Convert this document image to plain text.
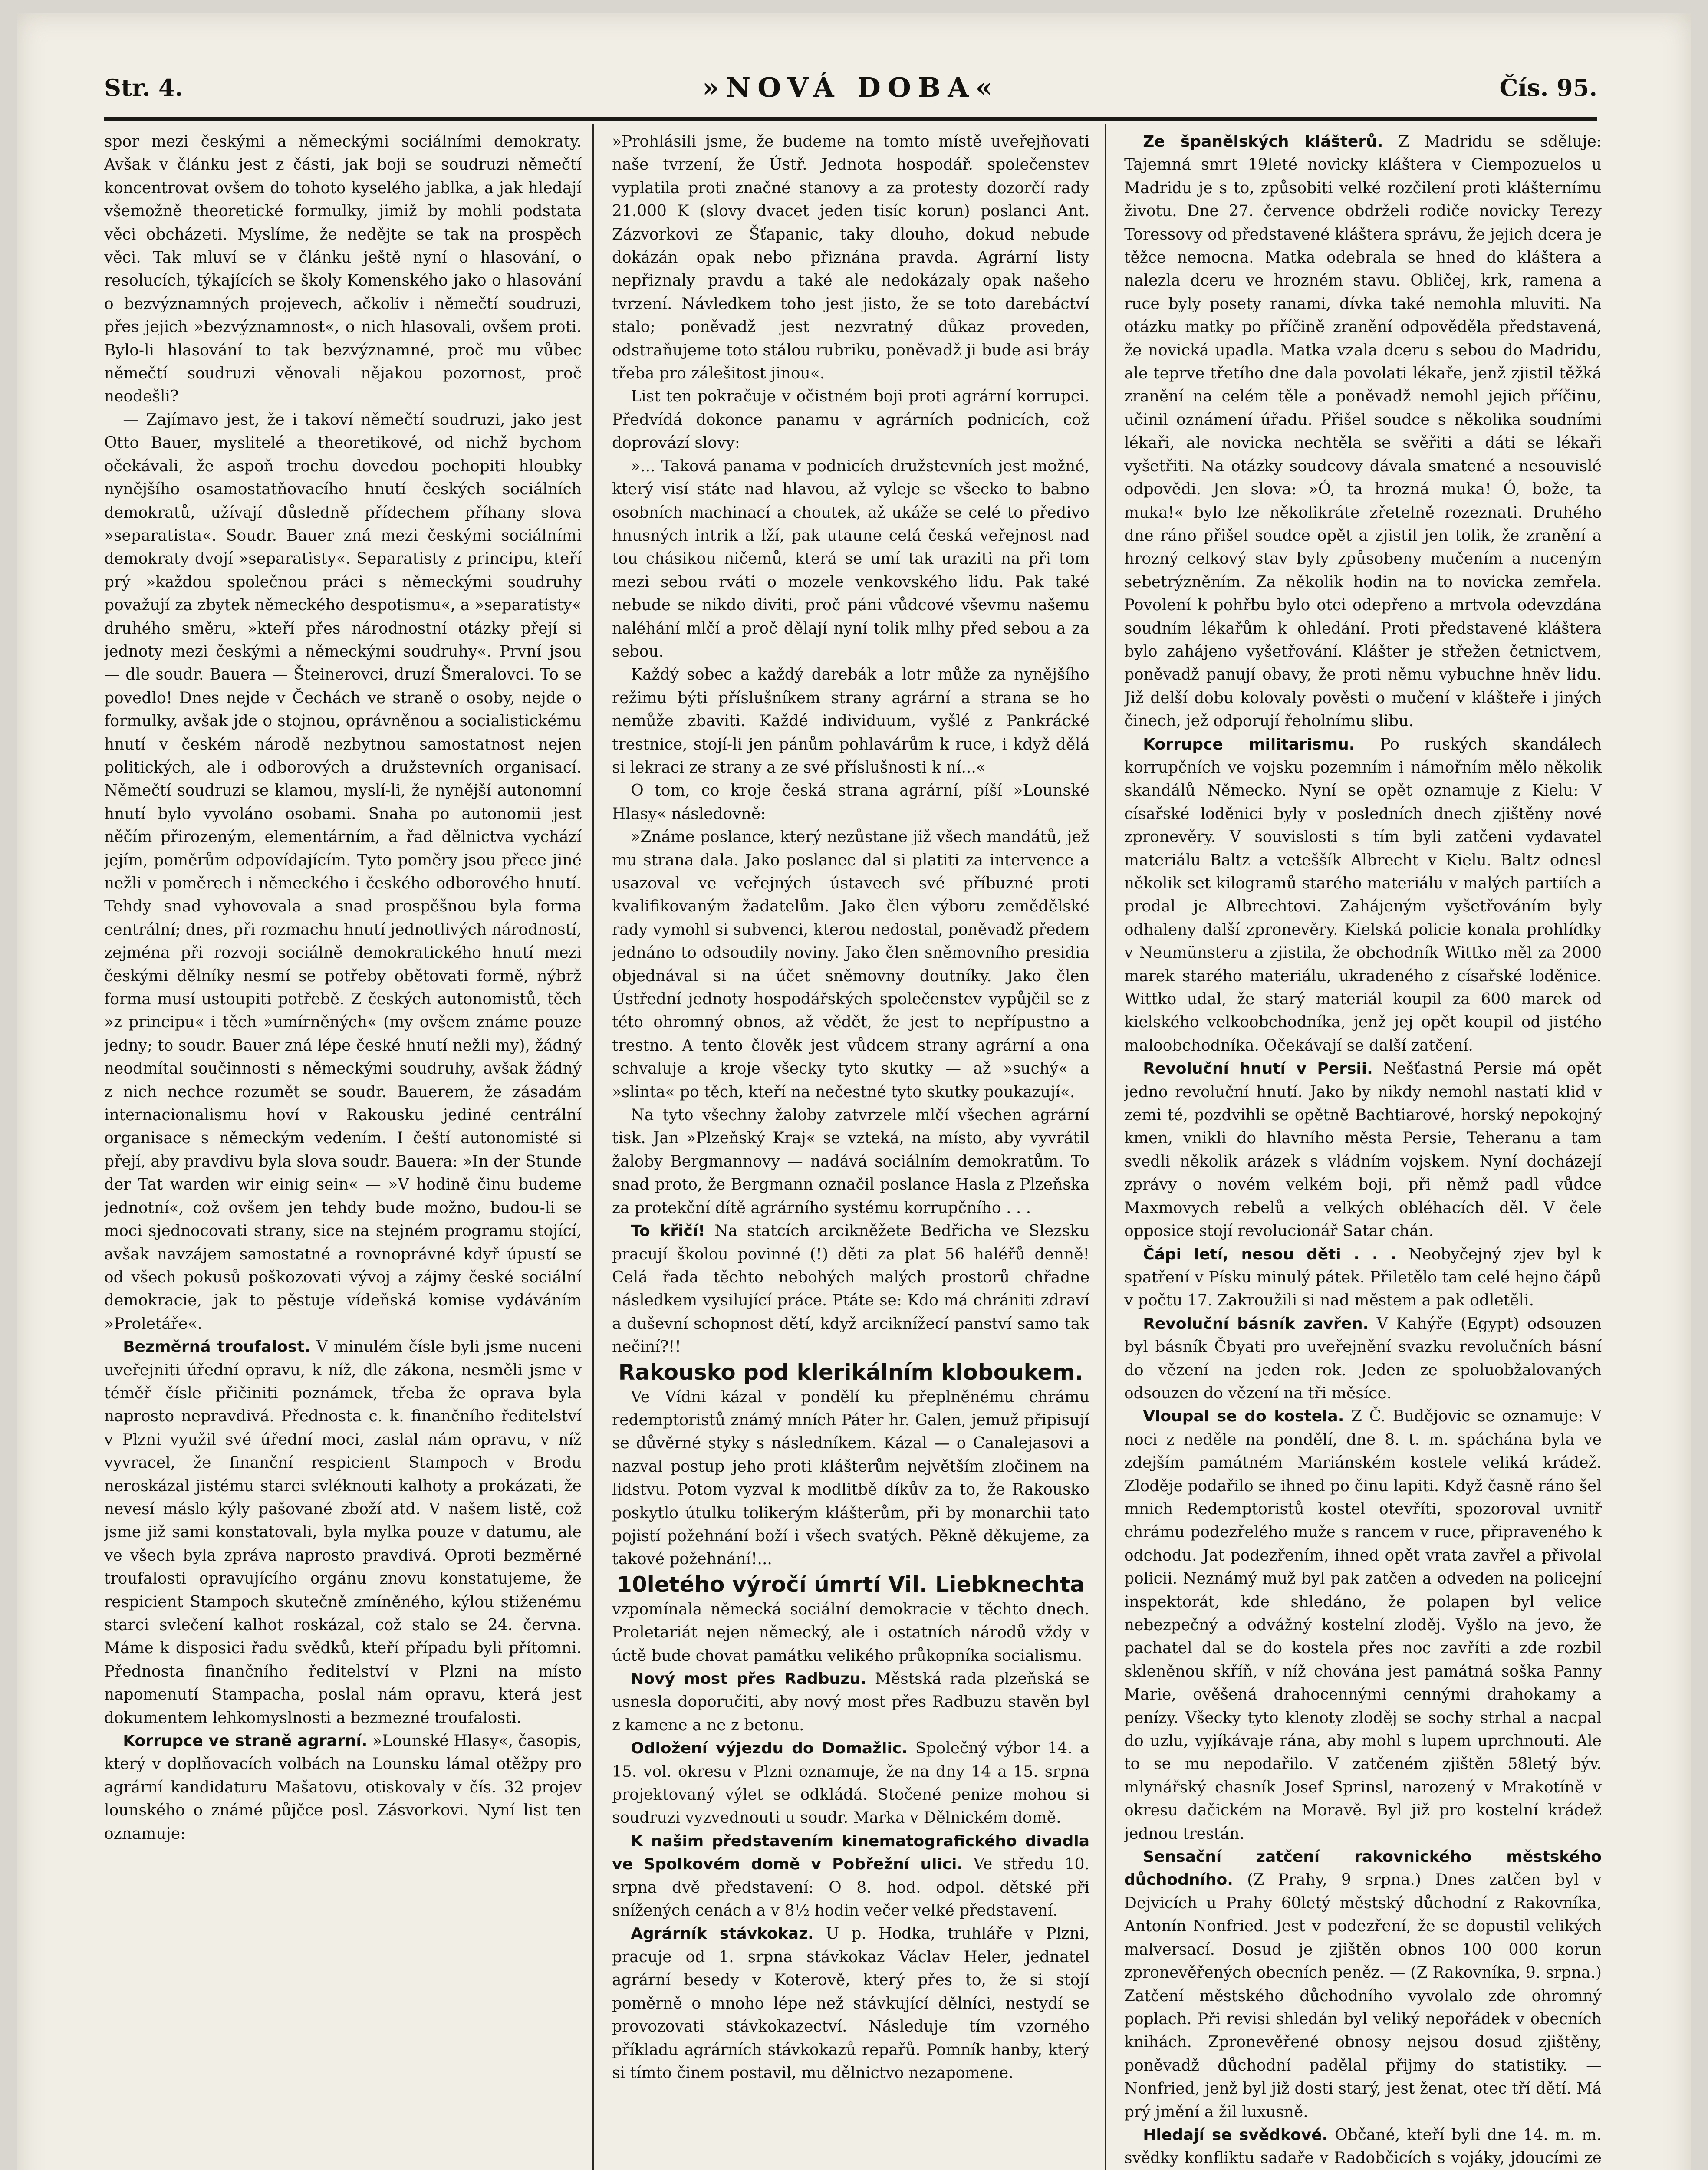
Str. 4.	»NOVÁ DOBA«	Čís. 95.

spor mezi českými a německými sociálními demokraty. Avšak v článku jest z části, jak boji se soudruzi němečtí koncentrovat ovšem do tohoto kyselého jablka, a jak hledají všemožně theoretické formulky, jimiž by mohli podstata věci obcházeti. Myslíme, že nedějte se tak na prospěch věci. Tak mluví se v článku ještě nyní o hlasování, o resolucích, týkajících se školy Komenského jako o hlasování o bezvýznamných projevech, ačkoliv i němečtí soudruzi, přes jejich »bezvýznamnost«, o nich hlasovali, ovšem proti. Bylo-li hlasování to tak bezvýznamné, proč mu vůbec němečtí soudruzi věnovali nějakou pozornost, proč neodešli?

— Zajímavo jest, že i takoví němečtí soudruzi, jako jest Otto Bauer, myslitelé a theoretikové, od nichž bychom očekávali, že aspoň trochu dovedou pochopiti hloubky nynějšího osamostatňovacího hnutí českých sociálních demokratů, užívají důsledně přídechem příhany slova »separatista«. Soudr. Bauer zná mezi českými sociálními demokraty dvojí »separatisty«. Separatisty z principu, kteří prý »každou společnou práci s německými soudruhy považují za zbytek německého despotismu«, a »separatisty« druhého směru, »kteří přes národnostní otázky přejí si jednoty mezi českými a německými soudruhy«. První jsou — dle soudr. Bauera — Šteinerovci, druzí Šmeralovci. To se povedlo! Dnes nejde v Čechách ve straně o osoby, nejde o formulky, avšak jde o stojnou, oprávněnou a socialistickému hnutí v českém národě nezbytnou samostatnost nejen politických, ale i odborových a družstevních organisací. Němečtí soudruzi se klamou, myslí-li, že nynější autonomní hnutí bylo vyvoláno osobami. Snaha po autonomii jest něčím přirozeným, elementárním, a řad dělnictva vychází jejím, poměrům odpovídajícím. Tyto poměry jsou přece jiné nežli v poměrech i německého i českého odborového hnutí. Tehdy snad vyhovovala a snad prospěšnou byla forma centrální; dnes, při rozmachu hnutí jednotlivých národností, zejména při rozvoji sociálně demokratického hnutí mezi českými dělníky nesmí se potřeby obětovati formě, nýbrž forma musí ustoupiti potřebě. Z českých autonomistů, těch »z principu« i těch »umírněných« (my ovšem známe pouze jedny; to soudr. Bauer zná lépe české hnutí nežli my), žádný neodmítal součinnosti s německými soudruhy, avšak žádný z nich nechce rozumět se soudr. Bauerem, že zásadám internacionalismu hoví v Rakousku jediné centrální organisace s německým vedením. I čeští autonomisté si přejí, aby pravdivu byla slova soudr. Bauera: »In der Stunde der Tat warden wir einig sein« — »V hodině činu budeme jednotní«, což ovšem jen tehdy bude možno, budou-li se moci sjednocovati strany, sice na stejném programu stojící, avšak navzájem samostatné a rovnoprávné kdyř úpustí se od všech pokusů poškozovati vývoj a zájmy české sociální demokracie, jak to pěstuje vídeňská komise vydáváním »Proletáře«.

Bezměrná troufalost. V minulém čísle byli jsme nuceni uveřejniti úřední opravu, k níž, dle zákona, nesměli jsme v téměř čísle přičiniti poznámek, třeba že oprava byla naprosto nepravdivá. Přednosta c. k. finančního ředitelství v Plzni využil své úřední moci, zaslal nám opravu, v níž vyvracel, že finanční respicient Stampoch v Brodu neroskázal jistému starci svléknouti kalhoty a prokázati, že nevesí máslo kýly pašované zboží atd. V našem listě, což jsme již sami konstatovali, byla mylka pouze v datumu, ale ve všech byla zpráva naprosto pravdivá. Oproti bezměrné troufalosti opravujícího orgánu znovu konstatujeme, že respicient Stampoch skutečně zmíněného, kýlou stiženému starci svlečení kalhot roskázal, což stalo se 24. června. Máme k disposici řadu svědků, kteří případu byli přítomni. Přednosta finančního ředitelství v Plzni na místo napomenutí Stampacha, poslal nám opravu, která jest dokumentem lehkomyslnosti a bezmezné troufalosti.

Korrupce ve straně agrarní. »Lounské Hlasy«, časopis, který v doplňovacích volbách na Lounsku lámal otěžpy pro agrární kandidaturu Mašatovu, otiskovaly v čís. 32 projev lounského o známé půjčce posl. Zásvorkovi. Nyní list ten oznamuje:

»Prohlásili jsme, že budeme na tomto místě uveřejňovati naše tvrzení, že Ústř. Jednota hospodář. společenstev vyplatila proti značné stanovy a za protesty dozorčí rady 21.000 K (slovy dvacet jeden tisíc korun) poslanci Ant. Zázvorkovi ze Šťapanic, taky dlouho, dokud nebude dokázán opak nebo přiznána pravda. Agrární listy nepřiznaly pravdu a také ale nedokázaly opak našeho tvrzení. Návledkem toho jest jisto, že se toto darebáctví stalo; poněvadž jest nezvratný důkaz proveden, odstraňujeme toto stálou rubriku, poněvadž ji bude asi bráy třeba pro zálešitost jinou«.

List ten pokračuje v očistném boji proti agrární korrupci. Předvídá dokonce panamu v agrárních podnicích, což doprovází slovy:

»... Taková panama v podnicích družstevních jest možné, který visí státe nad hlavou, až vyleje se všecko to babno osobních machinací a choutek, až ukáže se celé to předivo hnusných intrik a lží, pak utaune celá česká veřejnost nad tou chásikou ničemů, která se umí tak uraziti na při tom mezi sebou rváti o mozele venkovského lidu. Pak také nebude se nikdo diviti, proč páni vůdcové vševmu našemu naléhání mlčí a proč dělají nyní tolik mlhy před sebou a za sebou.

Každý sobec a každý darebák a lotr může za nynějšího režimu býti příslušníkem strany agrární a strana se ho nemůže zbaviti. Každé individuum, vyšlé z Pankrácké trestnice, stojí-li jen pánům pohlavárům k ruce, i když dělá si lekraci ze strany a ze své příslušnosti k ní...«

O tom, co kroje česká strana agrární, píší »Lounské Hlasy« následovně:

»Známe poslance, který nezůstane již všech mandátů, jež mu strana dala. Jako poslanec dal si platiti za intervence a usazoval ve veřejných ústavech své příbuzné proti kvalifikovaným žadatelům. Jako člen výboru zemědělské rady vymohl si subvenci, kterou nedostal, poněvadž předem jednáno to odsoudily noviny. Jako člen sněmovního presidia objednával si na účet sněmovny doutníky. Jako člen Ústřední jednoty hospodářských společenstev vypůjčil se z této ohromný obnos, až vědět, že jest to nepřípustno a trestno. A tento člověk jest vůdcem strany agrární a ona schvaluje a kroje všecky tyto skutky — až »suchý« a »slinta« po těch, kteří na nečestné tyto skutky poukazují«.

Na tyto všechny žaloby zatvrzele mlčí všechen agrární tisk. Jan »Plzeňský Kraj« se vzteká, na místo, aby vyvrátil žaloby Bergmannovy — nadává sociálním demokratům. To snad proto, že Bergmann označil poslance Hasla z Plzeňska za protekční dítě agrárního systému korrupčního . . .

To křičí! Na statcích arcikněžete Bedřicha ve Slezsku pracují školou povinné (!) děti za plat 56 haléřů denně! Celá řada těchto nebohých malých prostorů chřadne následkem vysilující práce. Ptáte se: Kdo má chrániti zdraví a duševní schopnost dětí, když arciknížecí panství samo tak nečiní?!!

Rakousko pod klerikálním kloboukem.

Ve Vídni kázal v pondělí ku přeplněnému chrámu redemptoristů známý mních Páter hr. Galen, jemuž připisují se důvěrné styky s následníkem. Kázal — o Canalejasovi a nazval postup jeho proti klášterům největším zločinem na lidstvu. Potom vyzval k modlitbě díkův za to, že Rakousko poskytlo útulku tolikerým klášterům, při by monarchii tato pojistí požehnání boží i všech svatých. Pěkně děkujeme, za takové požehnání!...

10letého výročí úmrtí Vil. Liebknechta

vzpomínala německá sociální demokracie v těchto dnech. Proletariát nejen německý, ale i ostatních národů vždy v úctě bude chovat památku velikého průkopníka socialismu.

Nový most přes Radbuzu. Městská rada plzeňská se usnesla doporučiti, aby nový most přes Radbuzu stavěn byl z kamene a ne z betonu.

Odložení výjezdu do Domažlic. Společný výbor 14. a 15. vol. okresu v Plzni oznamuje, že na dny 14 a 15. srpna projektovaný výlet se odkládá. Stočené penize mohou si soudruzi vyzvednouti u soudr. Marka v Dělnickém domě.

K našim představením kinematografického divadla ve Spolkovém domě v Pobřežní ulici. Ve středu 10. srpna dvě představení: O 8. hod. odpol. dětské při snížených cenách a v 8½ hodin večer velké představení.

Agrárník stávkokaz. U p. Hodka, truhláře v Plzni, pracuje od 1. srpna stávkokaz Václav Heler, jednatel agrární besedy v Koterově, který přes to, že si stojí poměrně o mnoho lépe než stávkující dělníci, nestydí se provozovati stávkokazectví. Následuje tím vzorného příkladu agrárních stávkokazů repařů. Pomník hanby, který si tímto činem postavil, mu dělnictvo nezapomene.

Ze španělských klášterů. Z Madridu se sděluje: Tajemná smrt 19leté novicky kláštera v Ciempozuelos u Madridu je s to, způsobiti velké rozčilení proti klášternímu životu. Dne 27. července obdrželi rodiče novicky Terezy Toressovy od představené kláštera správu, že jejich dcera je těžce nemocna. Matka odebrala se hned do kláštera a nalezla dceru ve hrozném stavu. Obličej, krk, ramena a ruce byly posety ranami, dívka také nemohla mluviti. Na otázku matky po příčině zranění odpověděla představená, že novická upadla. Matka vzala dceru s sebou do Madridu, ale teprve třetího dne dala povolati lékaře, jenž zjistil těžká zranění na celém těle a poněvadž nemohl jejich příčinu, učinil oznámení úřadu. Přišel soudce s několika soudními lékaři, ale novicka nechtěla se svěřiti a dáti se lékaři vyšetřiti. Na otázky soudcovy dávala smatené a nesouvislé odpovědi. Jen slova: »Ó, ta hrozná muka! Ó, bože, ta muka!« bylo lze několikráte zřetelně rozeznati. Druhého dne ráno přišel soudce opět a zjistil jen tolik, že zranění a hrozný celkový stav byly způsobeny mučením a nuceným sebetrýzněním. Za několik hodin na to novicka zemřela. Povolení k pohřbu bylo otci odepřeno a mrtvola odevzdána soudním lékařům k ohledání. Proti představené kláštera bylo zahájeno vyšetřování. Klášter je střežen četnictvem, poněvadž panují obavy, že proti němu vybuchne hněv lidu. Již delší dobu kolovaly pověsti o mučení v klášteře i jiných činech, jež odporují řeholnímu slibu.

Korrupce militarismu. Po ruských skandálech korrupčních ve vojsku pozemním i námořním mělo několik skandálů Německo. Nyní se opět oznamuje z Kielu: V císařské loděnici byly v posledních dnech zjištěny nové zpronevěry. V souvislosti s tím byli zatčeni vydavatel materiálu Baltz a veteššík Albrecht v Kielu. Baltz odnesl několik set kilogramů starého materiálu v malých partiích a prodal je Albrechtovi. Zahájeným vyšetřováním byly odhaleny další zpronevěry. Kielská policie konala prohlídky v Neumünsteru a zjistila, že obchodník Wittko měl za 2000 marek starého materiálu, ukradeného z císařské loděnice. Wittko udal, že starý materiál koupil za 600 marek od kielského velkoobchodníka, jenž jej opět koupil od jistého maloobchodníka. Očekávají se další zatčení.

Revoluční hnutí v Persii. Nešťastná Persie má opět jedno revoluční hnutí. Jako by nikdy nemohl nastati klid v zemi té, pozdvihli se opětně Bachtiarové, horský nepokojný kmen, vnikli do hlavního města Persie, Teheranu a tam svedli několik arázek s vládním vojskem. Nyní docházejí zprávy o novém velkém boji, při němž padl vůdce Maxmovych rebelů a velkých obléhacích děl. V čele opposice stojí revolucionář Satar chán.

Čápi letí, nesou děti . . . Neobyčejný zjev byl k spatření v Písku minulý pátek. Přiletělo tam celé hejno čápů v počtu 17. Zakroužili si nad městem a pak odletěli.

Revoluční básník zavřen. V Kahýře (Egypt) odsouzen byl básník Čbyati pro uveřejnění svazku revolučních básní do vězení na jeden rok. Jeden ze spoluobžalovaných odsouzen do vězení na tři měsíce.

Vloupal se do kostela. Z Č. Budějovic se oznamuje: V noci z neděle na pondělí, dne 8. t. m. spáchána byla ve zdejším památném Mariánském kostele veliká krádež. Zloděje podařilo se ihned po činu lapiti. Když časně ráno šel mnich Redemptoristů kostel otevříti, spozoroval uvnitř chrámu podezřelého muže s rancem v ruce, připraveného k odchodu. Jat podezřením, ihned opět vrata zavřel a přivolal policii. Neznámý muž byl pak zatčen a odveden na policejní inspektorát, kde shledáno, že polapen byl velice nebezpečný a odvážný kostelní zloděj. Vyšlo na jevo, že pachatel dal se do kostela přes noc zavříti a zde rozbil skleněnou skříň, v níž chována jest památná soška Panny Marie, ověšená drahocennými cennými drahokamy a penízy. Všecky tyto klenoty zloděj se sochy strhal a nacpal do uzlu, vyjíkávaje rána, aby mohl s lupem uprchnouti. Ale to se mu nepodařilo. V zatčeném zjištěn 58letý býv. mlynářský chasník Josef Sprinsl, narozený v Mrakotíně v okresu dačickém na Moravě. Byl již pro kostelní krádež jednou trestán.

Sensační zatčení rakovnického městského důchodního. (Z Prahy, 9 srpna.) Dnes zatčen byl v Dejvicích u Prahy 60letý městský důchodní z Rakovníka, Antonín Nonfried. Jest v podezření, že se dopustil velikých malversací. Dosud je zjištěn obnos 100 000 korun zpronevěřených obecních peněz. — (Z Rakovníka, 9. srpna.) Zatčení městského důchodního vyvolalo zde ohromný poplach. Při revisi shledán byl veliký nepořádek v obecních knihách. Zpronevěřené obnosy nejsou dosud zjištěny, poněvadž důchodní padělal přijmy do statistiky. — Nonfried, jenž byl již dosti starý, jest ženat, otec tří dětí. Má prý jmění a žil luxusně.

Hledají se svědkové. Občané, kteří byli dne 14. m. m. svědky konfliktu sadaře v Radobčicích s vojáky, jdoucími ze
